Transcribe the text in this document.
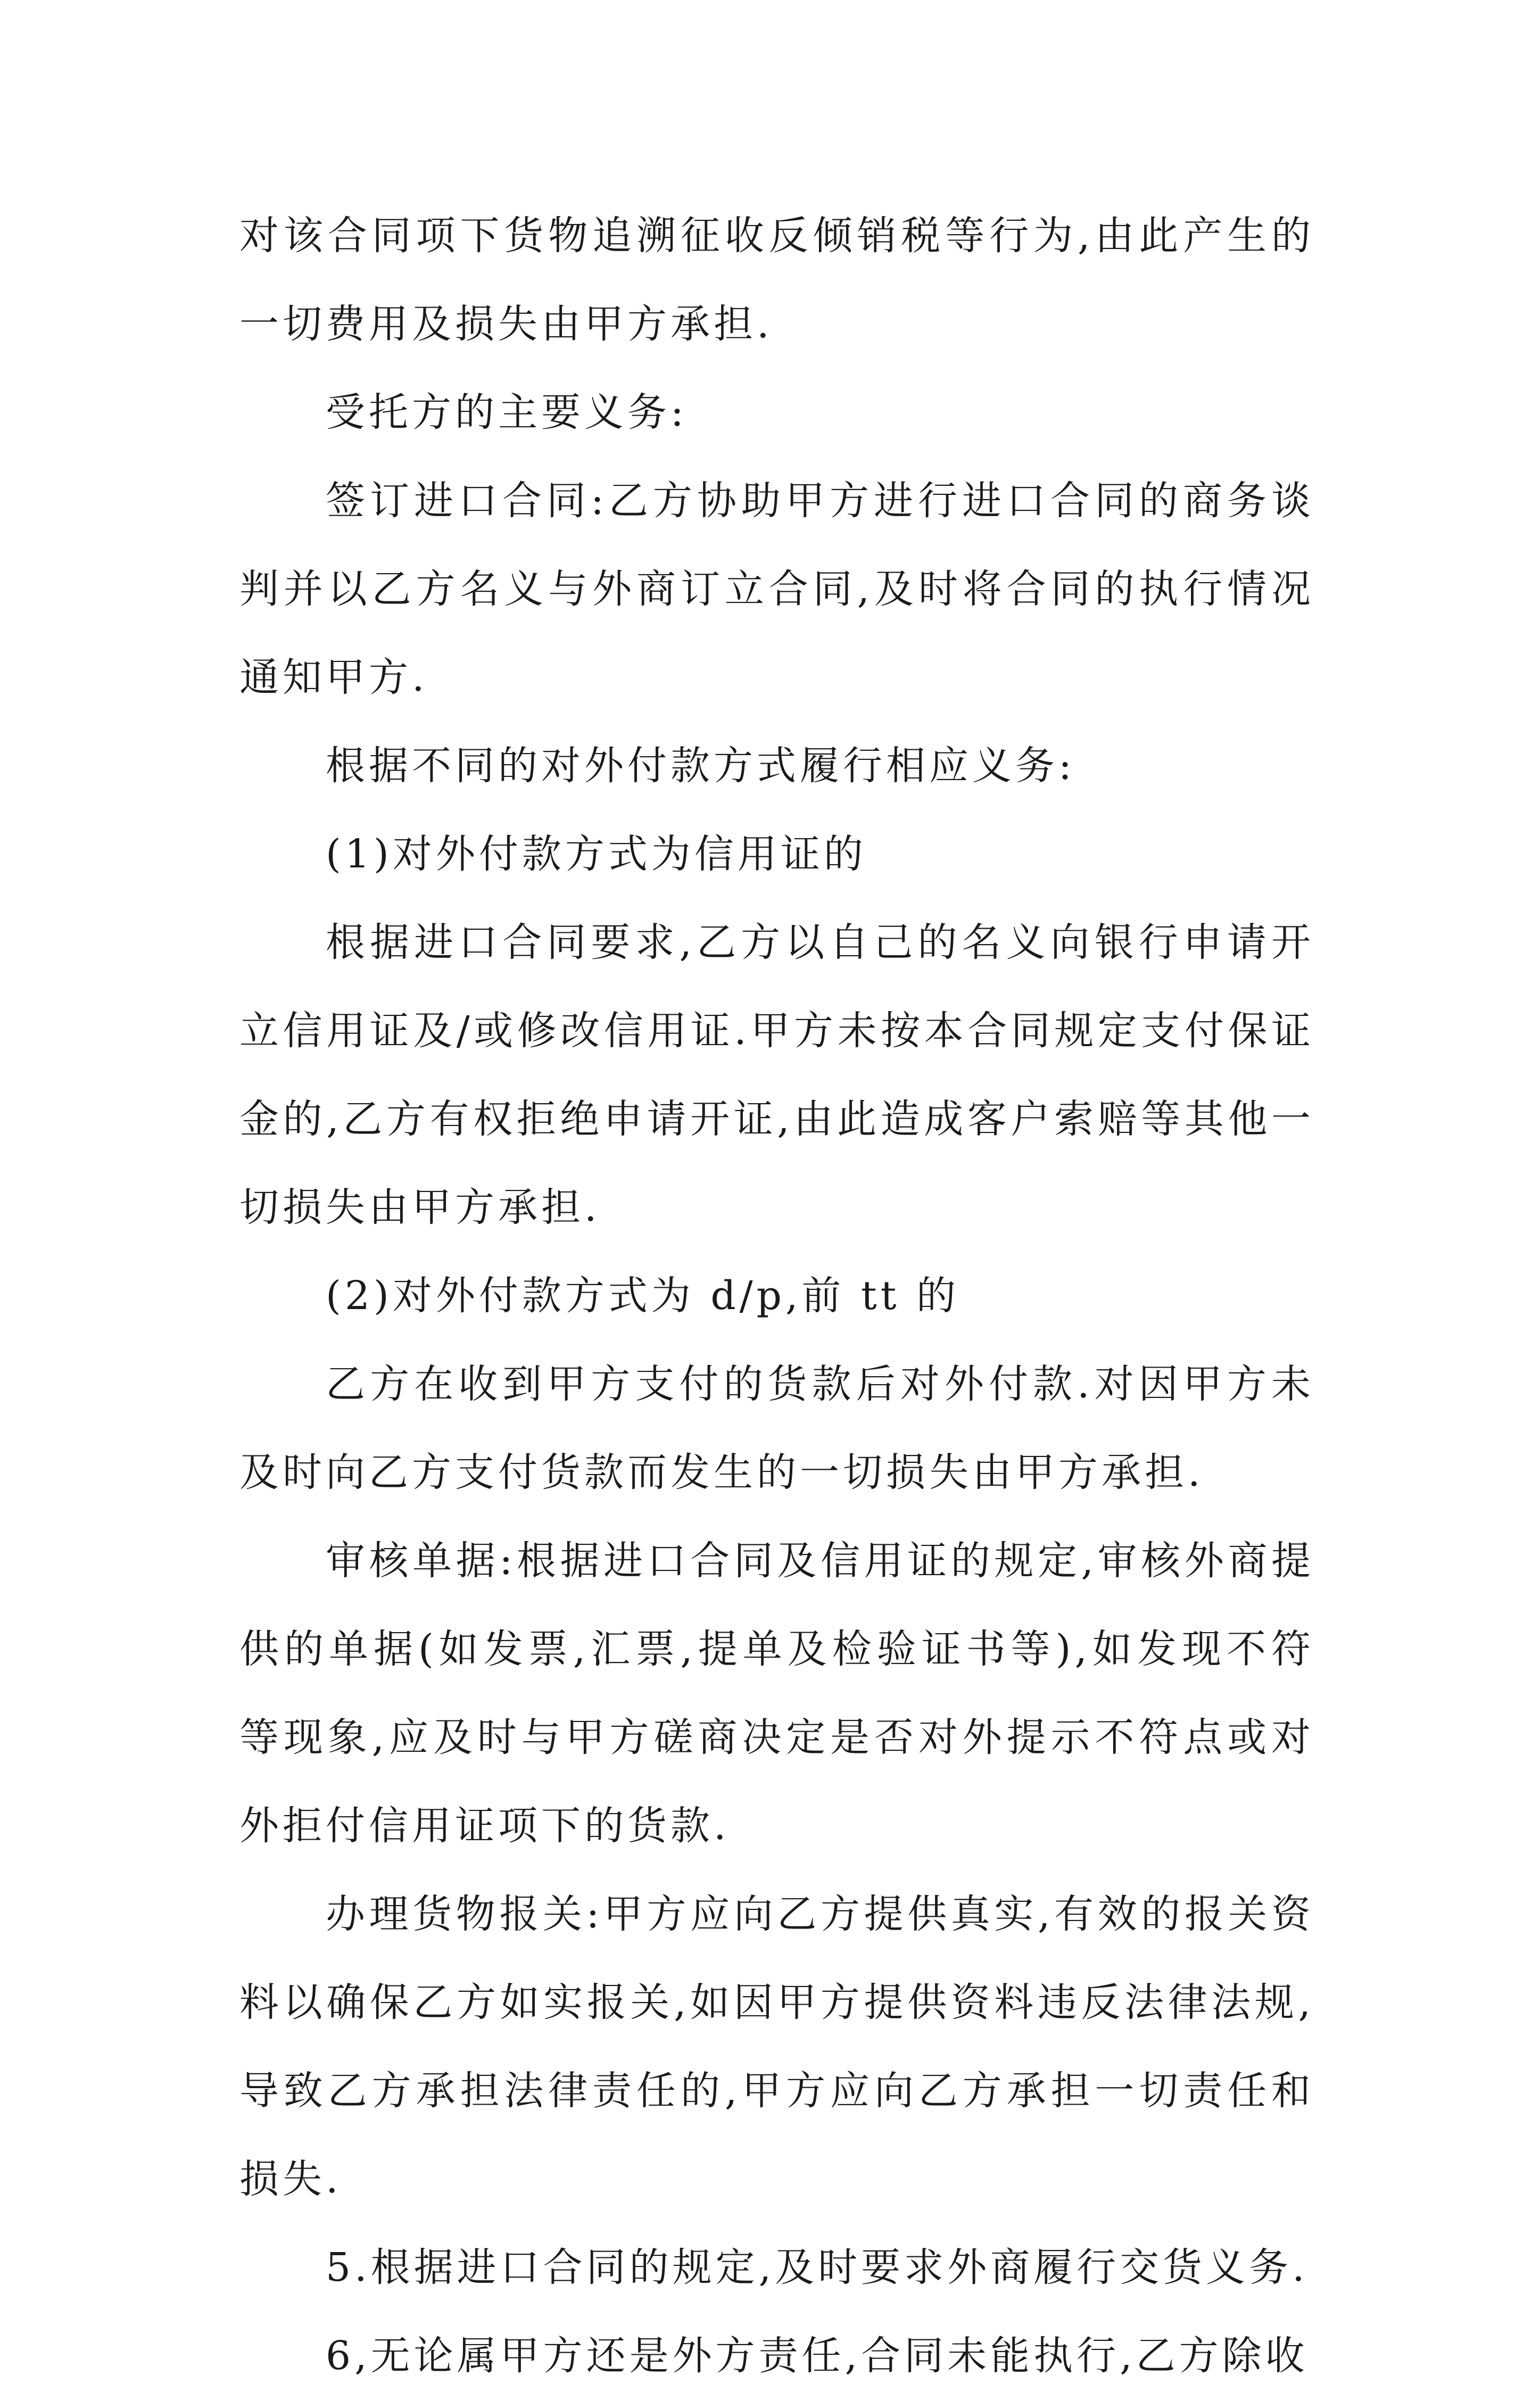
对该合同项下货物追溯征收反倾销税等行为,由此产生的一切费用及损失由甲方承担.

受托方的主要义务:

签订进口合同:乙方协助甲方进行进口合同的商务谈判并以乙方名义与外商订立合同,及时将合同的执行情况通知甲方.

根据不同的对外付款方式履行相应义务:

(1)对外付款方式为信用证的

根据进口合同要求,乙方以自己的名义向银行申请开立信用证及/或修改信用证.甲方未按本合同规定支付保证金的,乙方有权拒绝申请开证,由此造成客户索赔等其他一切损失由甲方承担.

(2)对外付款方式为 d/p,前 tt 的

乙方在收到甲方支付的货款后对外付款.对因甲方未及时向乙方支付货款而发生的一切损失由甲方承担.

审核单据:根据进口合同及信用证的规定,审核外商提供的单据(如发票,汇票,提单及检验证书等),如发现不符等现象,应及时与甲方磋商决定是否对外提示不符点或对外拒付信用证项下的货款.

办理货物报关:甲方应向乙方提供真实,有效的报关资料以确保乙方如实报关,如因甲方提供资料违反法律法规,导致乙方承担法律责任的,甲方应向乙方承担一切责任和损失.

5.根据进口合同的规定,及时要求外商履行交货义务.

6,无论属甲方还是外方责任,合同未能执行,乙方除收
